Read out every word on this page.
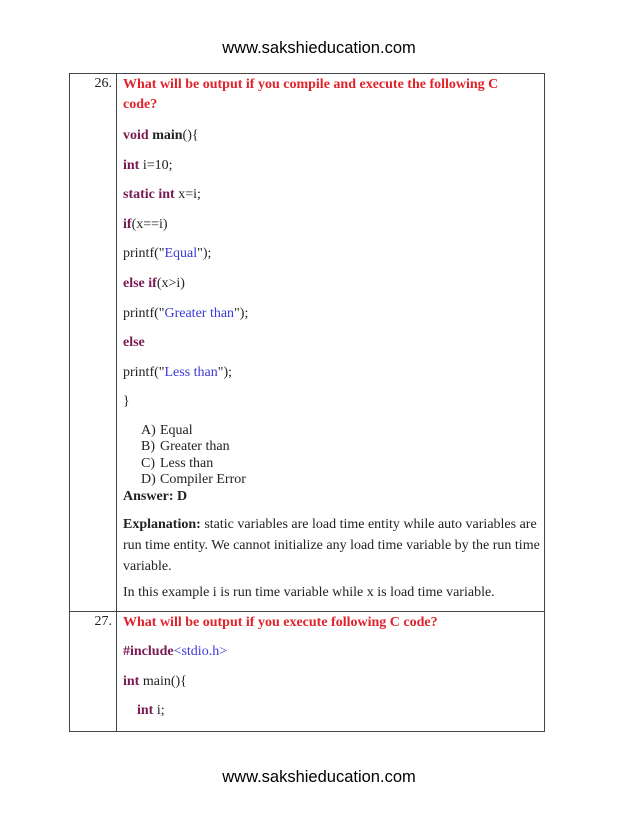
www.sakshieducation.com
26. What will be output if you compile and execute the following C
code?
void main(){
int i=10;
static int x=i;
if(x==i)
printf("Equal");
else if(x>i)
printf("Greater than");
else
printf("Less than");
}
A) Equal
B) Greater than
C) Less than
D) Compiler Error
Answer: D
Explanation: static variables are load time entity while auto variables are run time entity. We cannot initialize any load time variable by the run time variable.
In this example i is run time variable while x is load time variable.
27. What will be output if you execute following C code?
#include<stdio.h>
int main(){
int i;
www.sakshieducation.com
